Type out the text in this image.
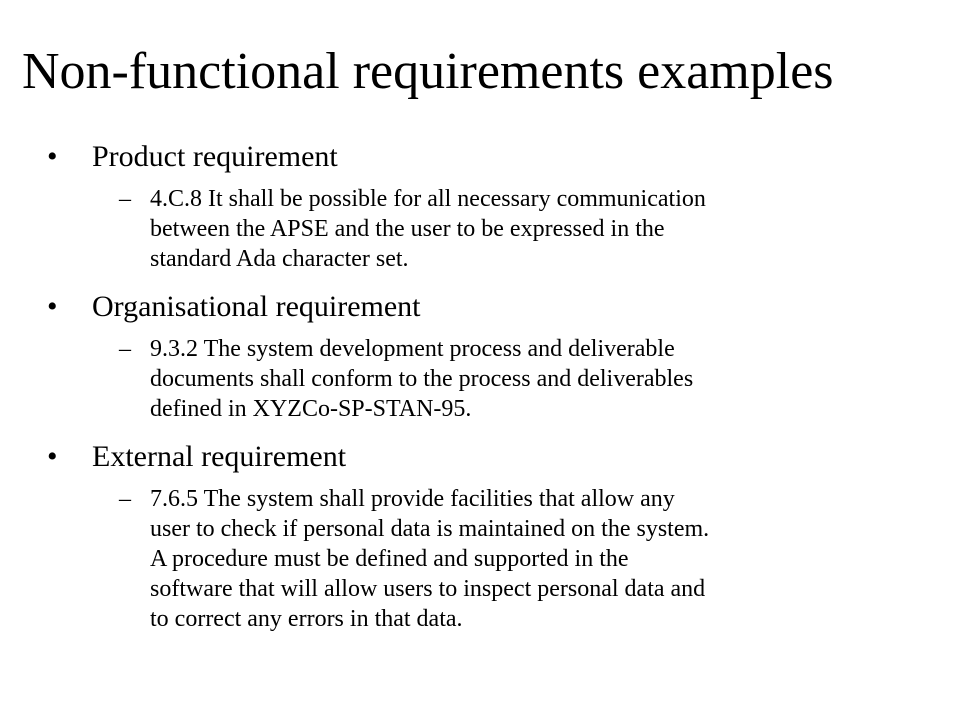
Non-functional requirements examples
• Product requirement
– 4.C.8 It shall be possible for all necessary communication
between the APSE and the user to be expressed in the
standard Ada character set.
• Organisational requirement
– 9.3.2 The system development process and deliverable
documents shall conform to the process and deliverables
defined in XYZCo-SP-STAN-95.
• External requirement
– 7.6.5 The system shall provide facilities that allow any
user to check if personal data is maintained on the system.
A procedure must be defined and supported in the
software that will allow users to inspect personal data and
to correct any errors in that data.
